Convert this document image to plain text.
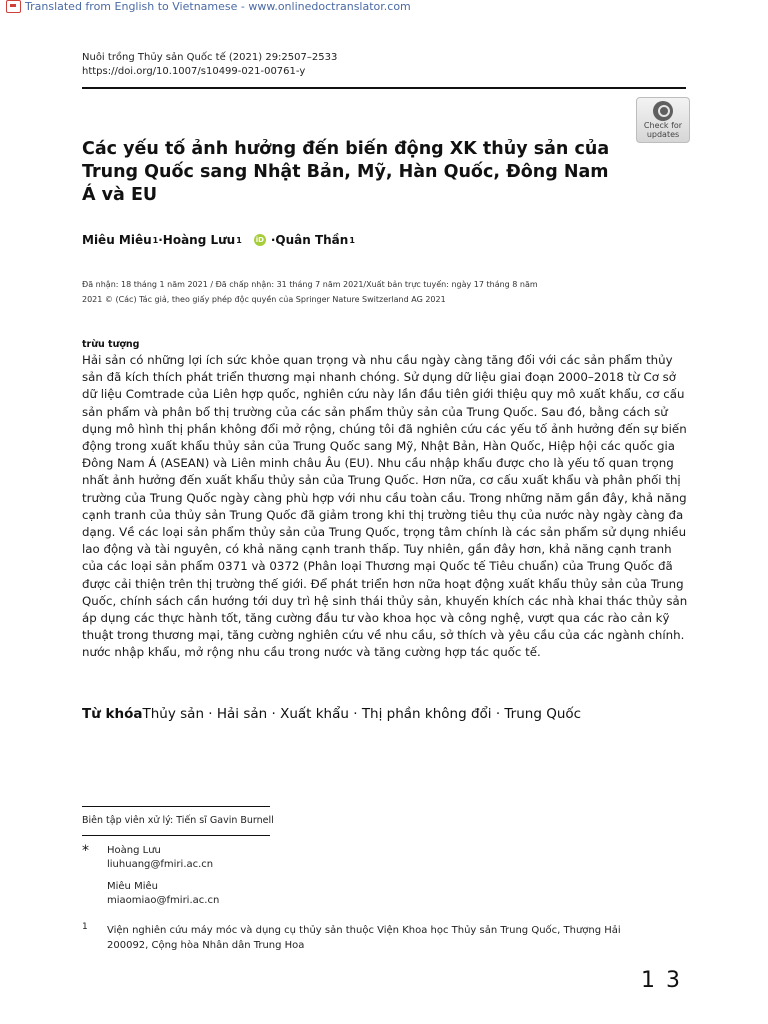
Translated from English to Vietnamese - www.onlinedoctranslator.com
Nuôi trồng Thủy sản Quốc tế (2021) 29:2507–2533
https://doi.org/10.1007/s10499-021-00761-y
Check for
updates
Các yếu tố ảnh hưởng đến biến động XK thủy sản của Trung Quốc sang Nhật Bản, Mỹ, Hàn Quốc, Đông Nam Á và EU
Miêu Miêu 1 · Hoàng Lưu 1 iD · Quân Thần 1
Đã nhận: 18 tháng 1 năm 2021 / Đã chấp nhận: 31 tháng 7 năm 2021/Xuất bản trực tuyến: ngày 17 tháng 8 năm
2021 © (Các) Tác giả, theo giấy phép độc quyền của Springer Nature Switzerland AG 2021
trừu tượng
Hải sản có những lợi ích sức khỏe quan trọng và nhu cầu ngày càng tăng đối với các sản phẩm thủy sản đã kích thích phát triển thương mại nhanh chóng. Sử dụng dữ liệu giai đoạn 2000–2018 từ Cơ sở dữ liệu Comtrade của Liên hợp quốc, nghiên cứu này lần đầu tiên giới thiệu quy mô xuất khẩu, cơ cấu sản phẩm và phân bổ thị trường của các sản phẩm thủy sản của Trung Quốc. Sau đó, bằng cách sử dụng mô hình thị phần không đổi mở rộng, chúng tôi đã nghiên cứu các yếu tố ảnh hưởng đến sự biến động trong xuất khẩu thủy sản của Trung Quốc sang Mỹ, Nhật Bản, Hàn Quốc, Hiệp hội các quốc gia Đông Nam Á (ASEAN) và Liên minh châu Âu (EU). Nhu cầu nhập khẩu được cho là yếu tố quan trọng nhất ảnh hưởng đến xuất khẩu thủy sản của Trung Quốc. Hơn nữa, cơ cấu xuất khẩu và phân phối thị trường của Trung Quốc ngày càng phù hợp với nhu cầu toàn cầu. Trong những năm gần đây, khả năng cạnh tranh của thủy sản Trung Quốc đã giảm trong khi thị trường tiêu thụ của nước này ngày càng đa dạng. Về các loại sản phẩm thủy sản của Trung Quốc, trọng tâm chính là các sản phẩm sử dụng nhiều lao động và tài nguyên, có khả năng cạnh tranh thấp. Tuy nhiên, gần đây hơn, khả năng cạnh tranh của các loại sản phẩm 0371 và 0372 (Phân loại Thương mại Quốc tế Tiêu chuẩn) của Trung Quốc đã được cải thiện trên thị trường thế giới. Để phát triển hơn nữa hoạt động xuất khẩu thủy sản của Trung Quốc, chính sách cần hướng tới duy trì hệ sinh thái thủy sản, khuyến khích các nhà khai thác thủy sản áp dụng các thực hành tốt, tăng cường đầu tư vào khoa học và công nghệ, vượt qua các rào cản kỹ thuật trong thương mại, tăng cường nghiên cứu về nhu cầu, sở thích và yêu cầu của các ngành chính. nước nhập khẩu, mở rộng nhu cầu trong nước và tăng cường hợp tác quốc tế.
Từ khóaThủy sản · Hải sản · Xuất khẩu · Thị phần không đổi · Trung Quốc
Biên tập viên xử lý: Tiến sĩ Gavin Burnell
* Hoàng Lưu
liuhuang@fmiri.ac.cn
Miêu Miêu
miaomiao@fmiri.ac.cn
1 Viện nghiên cứu máy móc và dụng cụ thủy sản thuộc Viện Khoa học Thủy sản Trung Quốc, Thượng Hải 200092, Cộng hòa Nhân dân Trung Hoa
1 3
